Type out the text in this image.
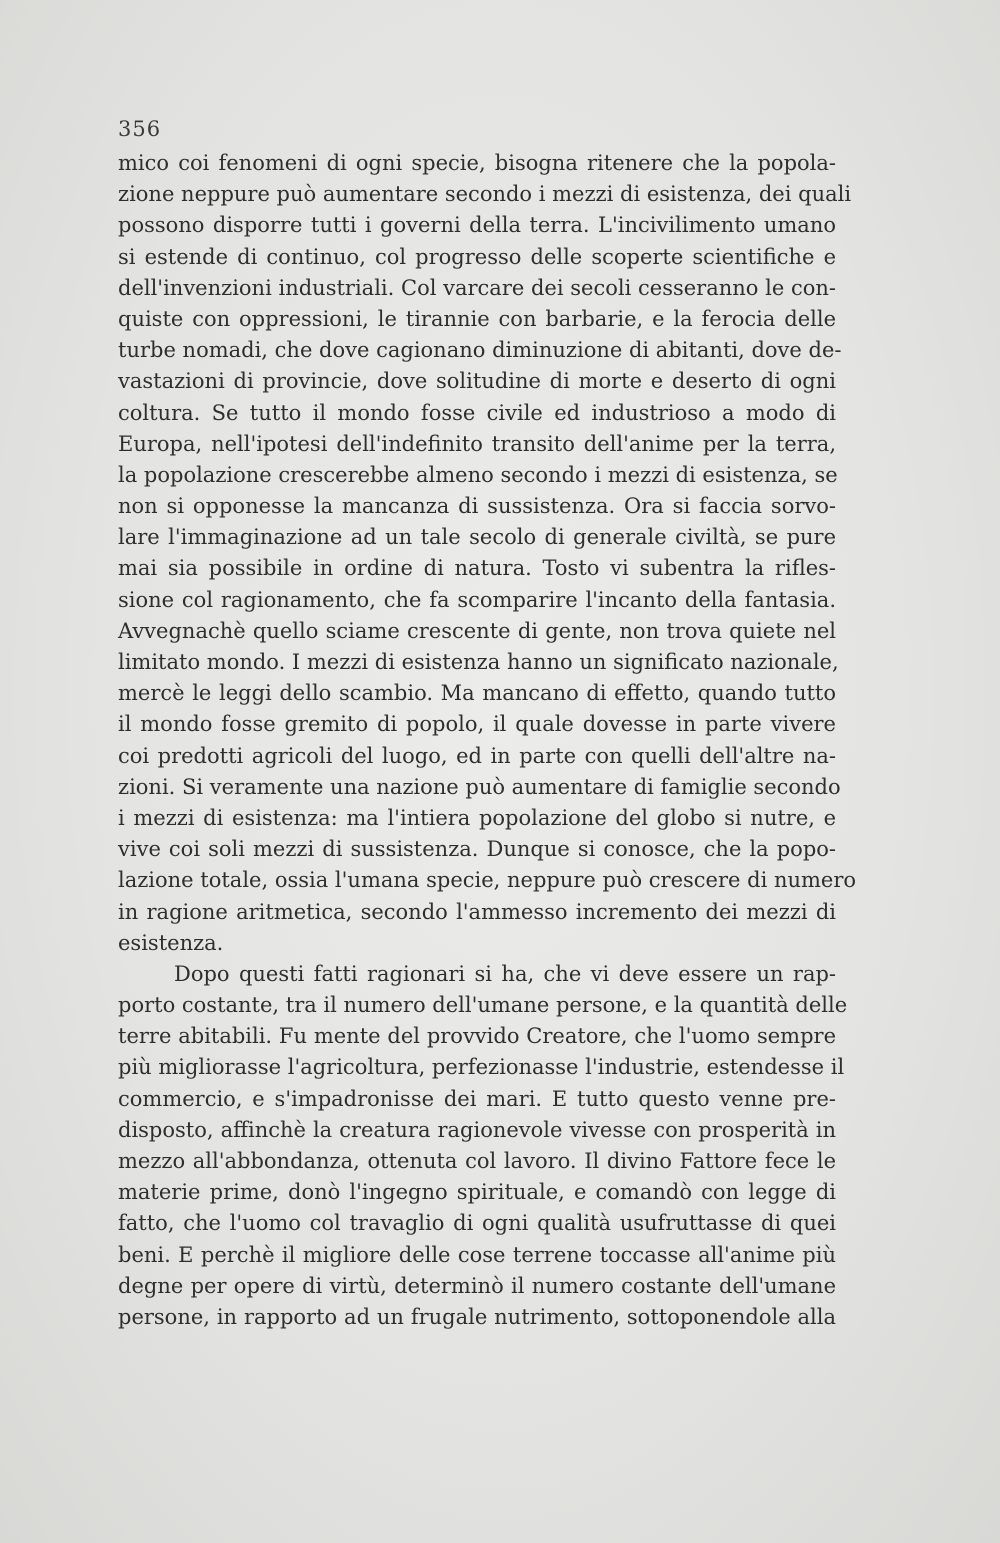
356
mico coi fenomeni di ogni specie, bisogna ritenere che la popola-
zione neppure può aumentare secondo i mezzi di esistenza, dei quali
possono disporre tutti i governi della terra. L'incivilimento umano
si estende di continuo, col progresso delle scoperte scientifiche e
dell'invenzioni industriali. Col varcare dei secoli cesseranno le con-
quiste con oppressioni, le tirannie con barbarie, e la ferocia delle
turbe nomadi, che dove cagionano diminuzione di abitanti, dove de-
vastazioni di provincie, dove solitudine di morte e deserto di ogni
coltura. Se tutto il mondo fosse civile ed industrioso a modo di
Europa, nell'ipotesi dell'indefinito transito dell'anime per la terra,
la popolazione crescerebbe almeno secondo i mezzi di esistenza, se
non si opponesse la mancanza di sussistenza. Ora si faccia sorvo-
lare l'immaginazione ad un tale secolo di generale civiltà, se pure
mai sia possibile in ordine di natura. Tosto vi subentra la rifles-
sione col ragionamento, che fa scomparire l'incanto della fantasia.
Avvegnachè quello sciame crescente di gente, non trova quiete nel
limitato mondo. I mezzi di esistenza hanno un significato nazionale,
mercè le leggi dello scambio. Ma mancano di effetto, quando tutto
il mondo fosse gremito di popolo, il quale dovesse in parte vivere
coi predotti agricoli del luogo, ed in parte con quelli dell'altre na-
zioni. Si veramente una nazione può aumentare di famiglie secondo
i mezzi di esistenza: ma l'intiera popolazione del globo si nutre, e
vive coi soli mezzi di sussistenza. Dunque si conosce, che la popo-
lazione totale, ossia l'umana specie, neppure può crescere di numero
in ragione aritmetica, secondo l'ammesso incremento dei mezzi di
esistenza.
Dopo questi fatti ragionari si ha, che vi deve essere un rap-
porto costante, tra il numero dell'umane persone, e la quantità delle
terre abitabili. Fu mente del provvido Creatore, che l'uomo sempre
più migliorasse l'agricoltura, perfezionasse l'industrie, estendesse il
commercio, e s'impadronisse dei mari. E tutto questo venne pre-
disposto, affinchè la creatura ragionevole vivesse con prosperità in
mezzo all'abbondanza, ottenuta col lavoro. Il divino Fattore fece le
materie prime, donò l'ingegno spirituale, e comandò con legge di
fatto, che l'uomo col travaglio di ogni qualità usufruttasse di quei
beni. E perchè il migliore delle cose terrene toccasse all'anime più
degne per opere di virtù, determinò il numero costante dell'umane
persone, in rapporto ad un frugale nutrimento, sottoponendole alla
